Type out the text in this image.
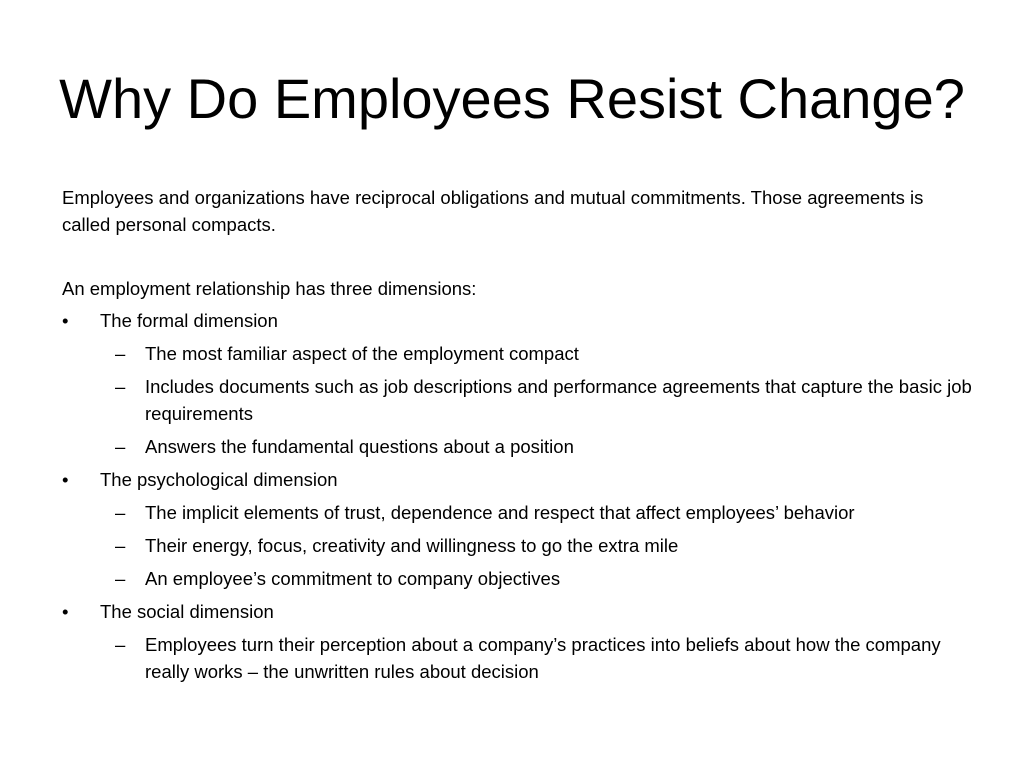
Why Do Employees Resist Change?

Employees and organizations have reciprocal obligations and mutual commitments. Those agreements is called personal compacts.

An employment relationship has three dimensions:

• The formal dimension
– The most familiar aspect of the employment compact
– Includes documents such as job descriptions and performance agreements that capture the basic job requirements
– Answers the fundamental questions about a position
• The psychological dimension
– The implicit elements of trust, dependence and respect that affect employees’ behavior
– Their energy, focus, creativity and willingness to go the extra mile
– An employee’s commitment to company objectives
• The social dimension
– Employees turn their perception about a company’s practices into beliefs about how the company really works – the unwritten rules about decision
